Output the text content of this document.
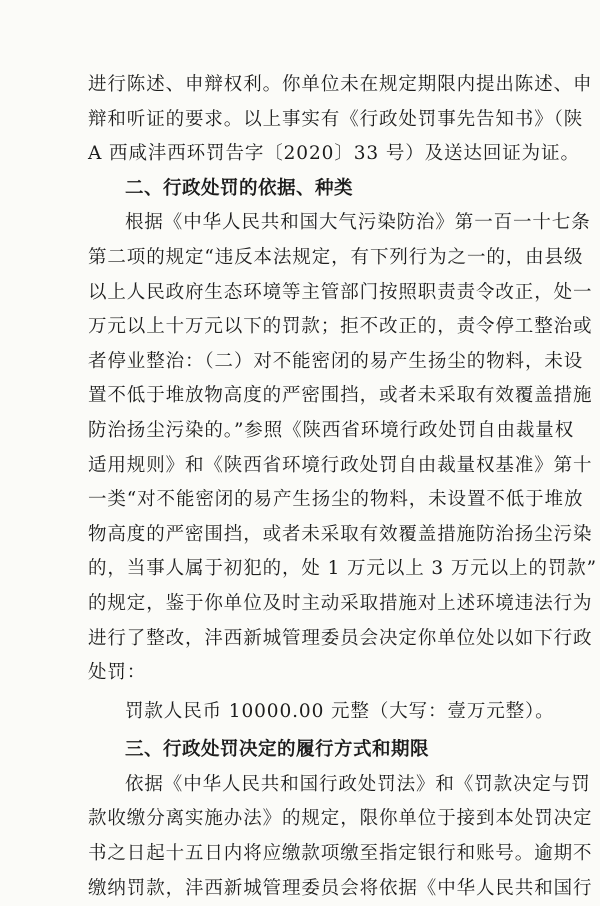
进行陈述、申辩权利。你单位未在规定期限内提出陈述、申
辩和听证的要求。以上事实有《行政处罚事先告知书》（陕
A 西咸沣西环罚告字〔2020〕33 号）及送达回证为证。
二、行政处罚的依据、种类
根据《中华人民共和国大气污染防治》第一百一十七条
第二项的规定“违反本法规定，有下列行为之一的，由县级
以上人民政府生态环境等主管部门按照职责责令改正，处一
万元以上十万元以下的罚款；拒不改正的，责令停工整治或
者停业整治：（二）对不能密闭的易产生扬尘的物料，未设
置不低于堆放物高度的严密围挡，或者未采取有效覆盖措施
防治扬尘污染的。”参照《陕西省环境行政处罚自由裁量权
适用规则》和《陕西省环境行政处罚自由裁量权基准》第十
一类“对不能密闭的易产生扬尘的物料，未设置不低于堆放
物高度的严密围挡，或者未采取有效覆盖措施防治扬尘污染
的，当事人属于初犯的，处 1 万元以上 3 万元以上的罚款”
的规定，鉴于你单位及时主动采取措施对上述环境违法行为
进行了整改，沣西新城管理委员会决定你单位处以如下行政
处罚：
罚款人民币 10000.00 元整（大写：壹万元整）。
三、行政处罚决定的履行方式和期限
依据《中华人民共和国行政处罚法》和《罚款决定与罚
款收缴分离实施办法》的规定，限你单位于接到本处罚决定
书之日起十五日内将应缴款项缴至指定银行和账号。逾期不
缴纳罚款，沣西新城管理委员会将依据《中华人民共和国行
